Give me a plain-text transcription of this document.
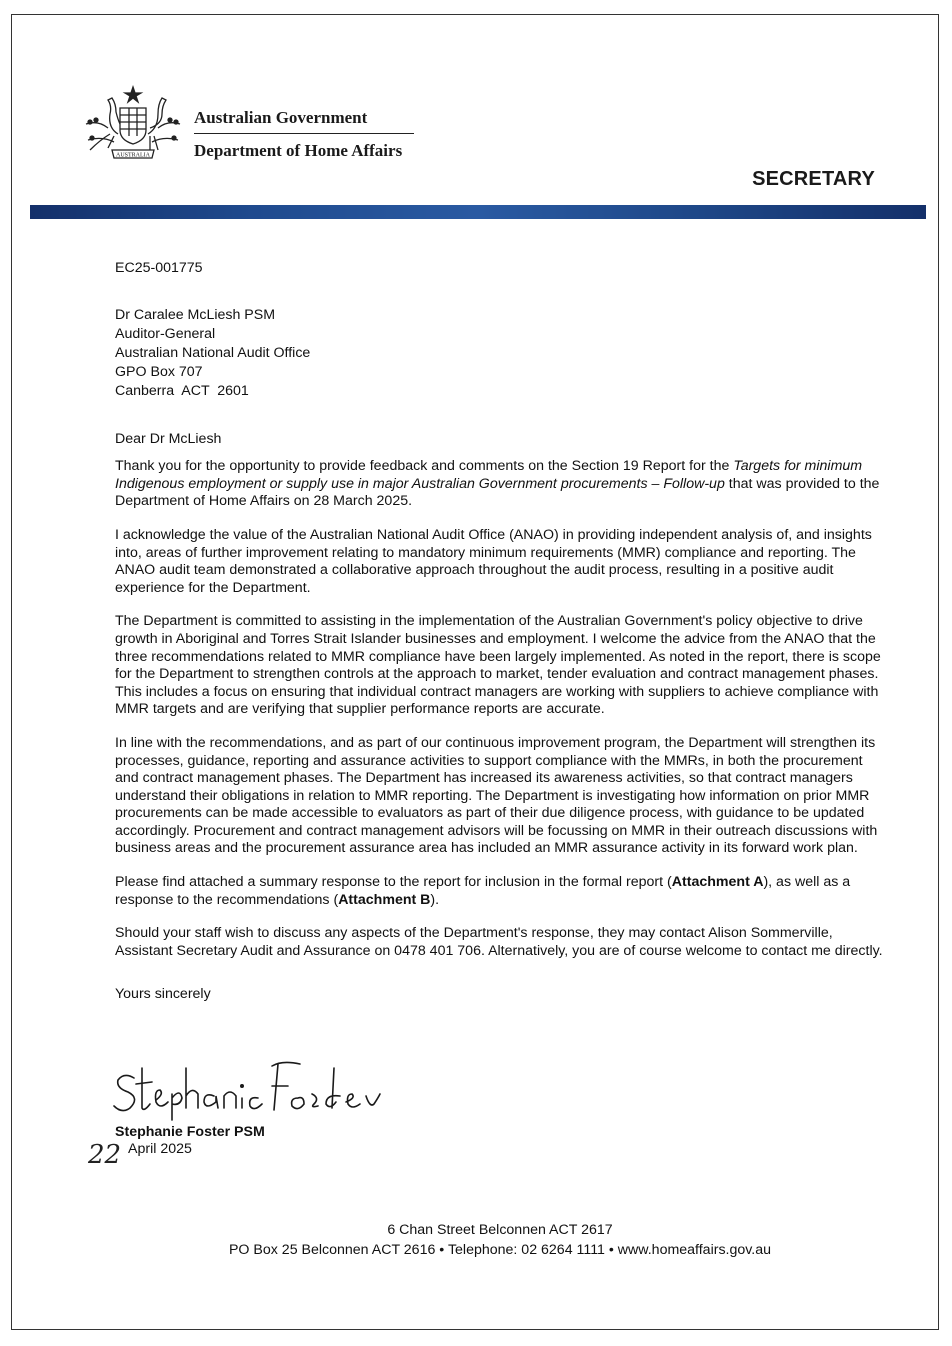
AUSTRALIA
Australian Government
Department of Home Affairs
SECRETARY
EC25-001775
Dr Caralee McLiesh PSM
Auditor-General
Australian National Audit Office
GPO Box 707
Canberra  ACT  2601
Dear Dr McLiesh

Thank you for the opportunity to provide feedback and comments on the Section 19 Report for the Targets for minimum Indigenous employment or supply use in major Australian Government procurements – Follow-up that was provided to the Department of Home Affairs on 28 March 2025.

I acknowledge the value of the Australian National Audit Office (ANAO) in providing independent analysis of, and insights into, areas of further improvement relating to mandatory minimum requirements (MMR) compliance and reporting. The ANAO audit team demonstrated a collaborative approach throughout the audit process, resulting in a positive audit experience for the Department.

The Department is committed to assisting in the implementation of the Australian Government's policy objective to drive growth in Aboriginal and Torres Strait Islander businesses and employment. I welcome the advice from the ANAO that the three recommendations related to MMR compliance have been largely implemented. As noted in the report, there is scope for the Department to strengthen controls at the approach to market, tender evaluation and contract management phases. This includes a focus on ensuring that individual contract managers are working with suppliers to achieve compliance with MMR targets and are verifying that supplier performance reports are accurate.

In line with the recommendations, and as part of our continuous improvement program, the Department will strengthen its processes, guidance, reporting and assurance activities to support compliance with the MMRs, in both the procurement and contract management phases. The Department has increased its awareness activities, so that contract managers understand their obligations in relation to MMR reporting. The Department is investigating how information on prior MMR procurements can be made accessible to evaluators as part of their due diligence process, with guidance to be updated accordingly. Procurement and contract management advisors will be focussing on MMR in their outreach discussions with business areas and the procurement assurance area has included an MMR assurance activity in its forward work plan.

Please find attached a summary response to the report for inclusion in the formal report (Attachment A), as well as a response to the recommendations (Attachment B).

Should your staff wish to discuss any aspects of the Department's response, they may contact Alison Sommerville, Assistant Secretary Audit and Assurance on 0478 401 706. Alternatively, you are of course welcome to contact me directly.

Yours sincerely
Stephanie Foster PSM
22 April 2025
6 Chan Street Belconnen ACT 2617
PO Box 25 Belconnen ACT 2616 • Telephone: 02 6264 1111 • www.homeaffairs.gov.au
